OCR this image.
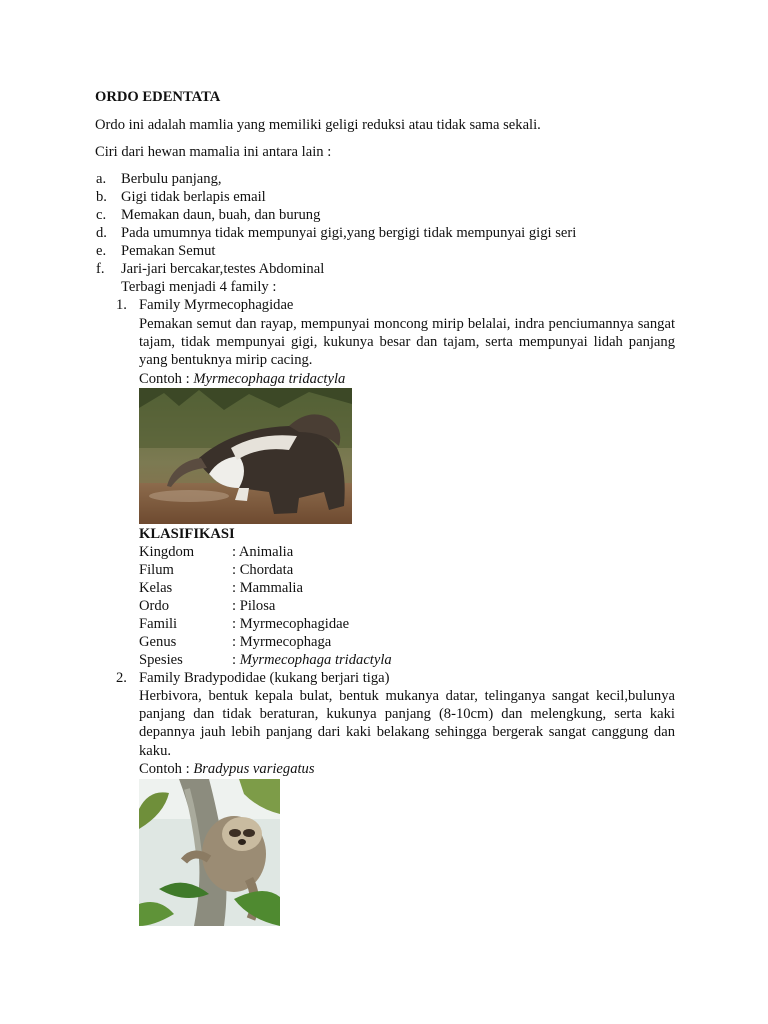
ORDO EDENTATA
Ordo ini adalah mamlia yang memiliki geligi reduksi atau tidak sama sekali.
Ciri dari hewan mamalia ini antara lain :
a. Berbulu panjang,
b. Gigi tidak berlapis email
c. Memakan daun, buah, dan burung
d. Pada umumnya tidak mempunyai gigi,yang bergigi tidak mempunyai gigi seri
e. Pemakan Semut
f. Jari-jari bercakar,testes Abdominal
Terbagi menjadi 4 family :
1. Family Myrmecophagidae
Pemakan semut dan rayap, mempunyai moncong mirip belalai, indra penciumannya sangat tajam, tidak mempunyai gigi, kukunya besar dan tajam, serta mempunyai lidah panjang yang bentuknya mirip cacing.
Contoh : Myrmecophaga tridactyla
KLASIFIKASI
Kingdom	: Animalia
Filum	: Chordata
Kelas	: Mammalia
Ordo	: Pilosa
Famili	: Myrmecophagidae
Genus	: Myrmecophaga
Spesies	: Myrmecophaga tridactyla
2. Family Bradypodidae (kukang berjari tiga)
Herbivora, bentuk kepala bulat, bentuk mukanya datar, telinganya sangat kecil,bulunya panjang dan tidak beraturan, kukunya panjang (8-10cm) dan melengkung, serta kaki depannya jauh lebih panjang dari kaki belakang sehingga bergerak sangat canggung dan kaku.
Contoh : Bradypus variegatus
